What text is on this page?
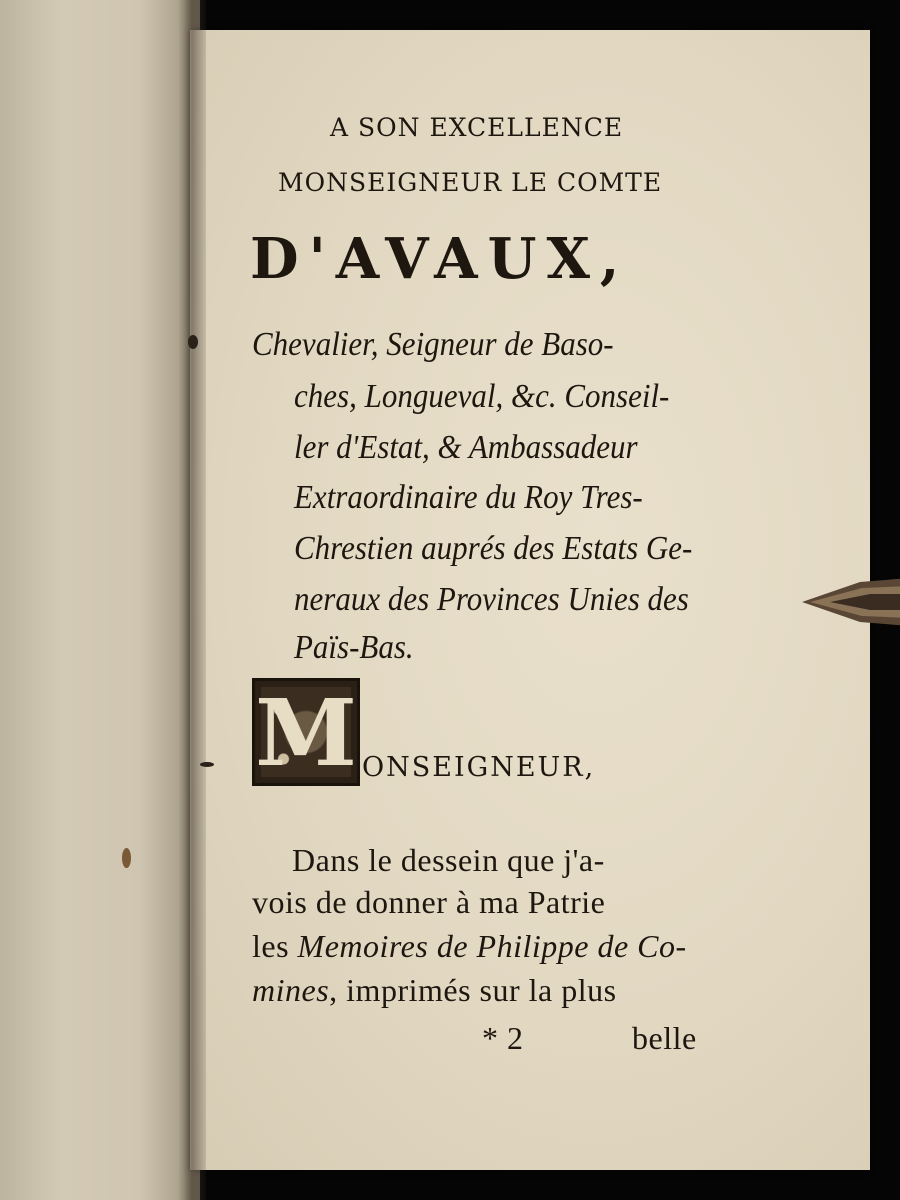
A SON EXCELLENCE
MONSEIGNEUR LE COMTE
D'AVAUX,
Chevalier, Seigneur de Baso-
ches, Longueval, &c. Conseil-
ler d'Estat, & Ambassadeur
Extraordinaire du Roy Tres-
Chrestien auprés des Estats Ge-
neraux des Provinces Unies des
Païs-Bas.
M ONSEIGNEUR,
Dans le dessein que j'a-
vois de donner à ma Patrie
les Memoires de Philippe de Co-
mines, imprimés sur la plus
* 2	belle
